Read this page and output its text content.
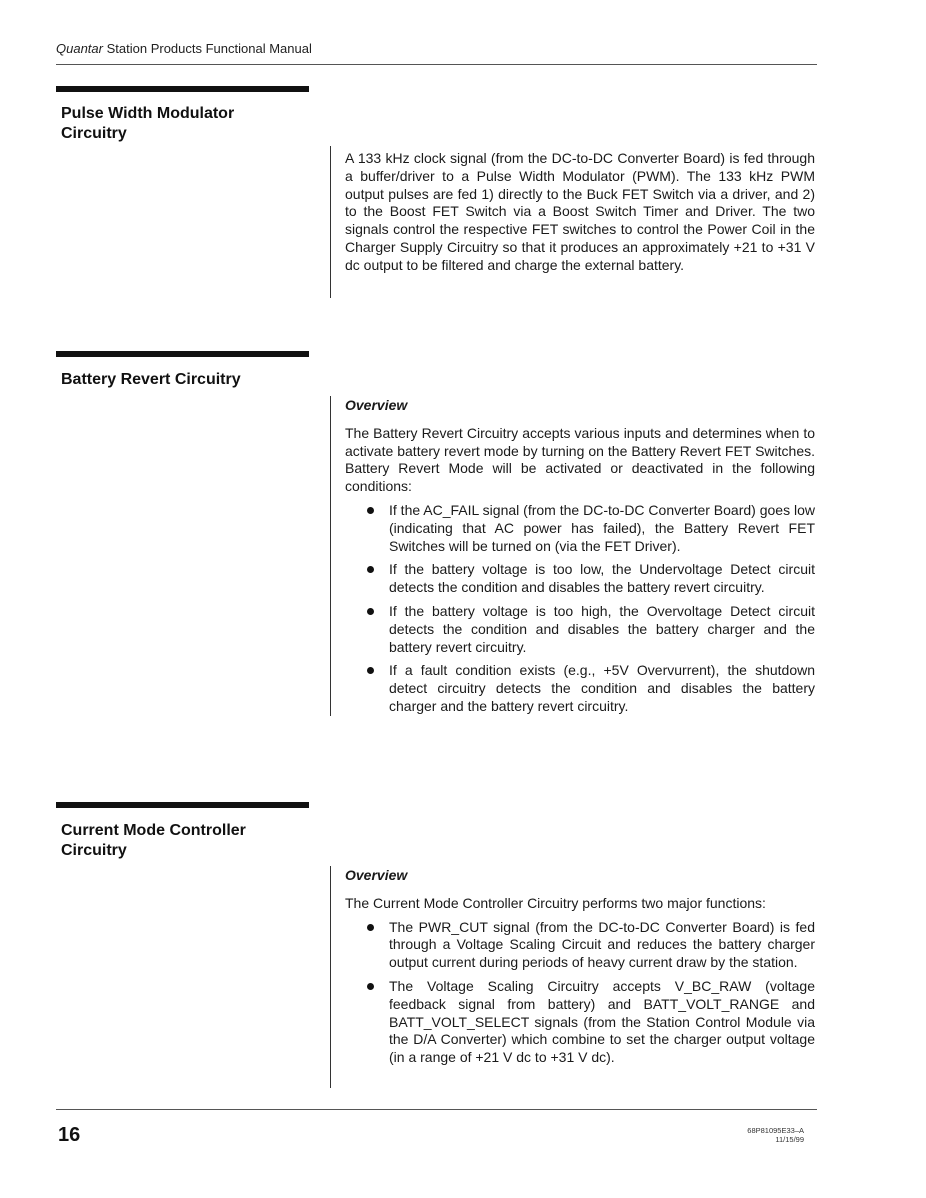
Quantar Station Products Functional Manual
Pulse Width Modulator
Circuitry

A 133 kHz clock signal (from the DC-to-DC Converter Board) is fed through a buffer/driver to a Pulse Width Modulator (PWM). The 133 kHz PWM output pulses are fed 1) directly to the Buck FET Switch via a driver, and 2) to the Boost FET Switch via a Boost Switch Timer and Driver. The two signals control the respective FET switches to control the Power Coil in the Charger Supply Circuitry so that it produces an approximately +21 to +31 V dc output to be filtered and charge the external battery.

Battery Revert Circuitry
Overview

The Battery Revert Circuitry accepts various inputs and determines when to activate battery revert mode by turning on the Battery Revert FET Switches. Battery Revert Mode will be activated or deactivated in the following conditions:

If the AC_FAIL signal (from the DC-to-DC Converter Board) goes low (indicating that AC power has failed), the Battery Revert FET Switches will be turned on (via the FET Driver).
If the battery voltage is too low, the Undervoltage Detect circuit detects the condition and disables the battery revert circuitry.
If the battery voltage is too high, the Overvoltage Detect circuit detects the condition and disables the battery charger and the battery revert circuitry.
If a fault condition exists (e.g., +5V Overvurrent), the shutdown detect circuitry detects the condition and disables the battery charger and the battery revert circuitry.
Current Mode Controller
Circuitry
Overview

The Current Mode Controller Circuitry performs two major functions:

The PWR_CUT signal (from the DC-to-DC Converter Board) is fed through a Voltage Scaling Circuit and reduces the battery charger output current during periods of heavy current draw by the station.
The Voltage Scaling Circuitry accepts V_BC_RAW (voltage feedback signal from battery) and BATT_VOLT_RANGE and BATT_VOLT_SELECT signals (from the Station Control Module via the D/A Converter) which combine to set the charger output voltage (in a range of +21 V dc to +31 V dc).
16	68P81095E33–A
11/15/99
